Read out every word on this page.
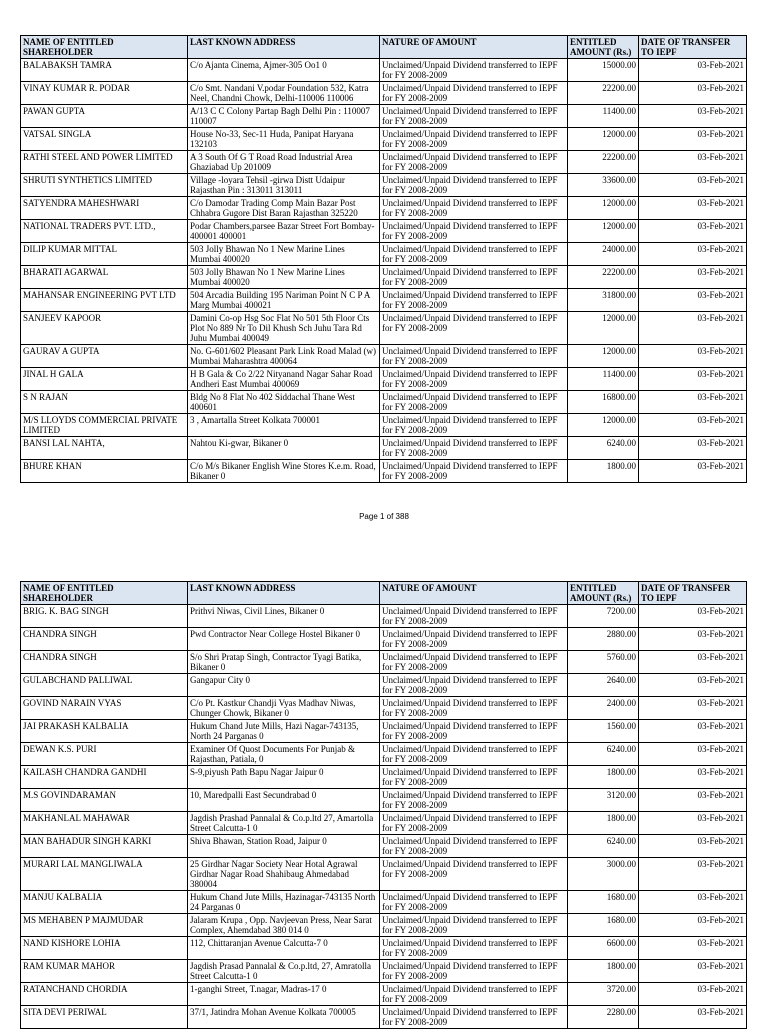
NAME OF ENTITLED SHAREHOLDER	LAST KNOWN ADDRESS	NATURE OF AMOUNT	ENTITLED AMOUNT (Rs.)	DATE OF TRANSFER TO IEPF
BALABAKSH TAMRA	C/o Ajanta Cinema, Ajmer-305 Oo1 0	Unclaimed/Unpaid Dividend transferred to IEPF for FY 2008-2009	15000.00	03-Feb-2021
VINAY KUMAR R. PODAR	C/o Smt. Nandani V.podar Foundation 532, Katra Neel, Chandni Chowk, Delhi-110006 110006	Unclaimed/Unpaid Dividend transferred to IEPF for FY 2008-2009	22200.00	03-Feb-2021
PAWAN GUPTA	A/13 C C Colony Partap Bagh Delhi Pin : 110007 110007	Unclaimed/Unpaid Dividend transferred to IEPF for FY 2008-2009	11400.00	03-Feb-2021
VATSAL SINGLA	House No-33, Sec-11 Huda, Panipat Haryana 132103	Unclaimed/Unpaid Dividend transferred to IEPF for FY 2008-2009	12000.00	03-Feb-2021
RATHI STEEL AND POWER LIMITED	A 3 South Of G T Road Road Industrial Area Ghaziabad Up 201009	Unclaimed/Unpaid Dividend transferred to IEPF for FY 2008-2009	22200.00	03-Feb-2021
SHRUTI SYNTHETICS LIMITED	Village -loyara Tehsil -girwa Distt Udaipur Rajasthan Pin : 313011 313011	Unclaimed/Unpaid Dividend transferred to IEPF for FY 2008-2009	33600.00	03-Feb-2021
SATYENDRA MAHESHWARI	C/o Damodar Trading Comp Main Bazar Post Chhabra Gugore Dist Baran Rajasthan 325220	Unclaimed/Unpaid Dividend transferred to IEPF for FY 2008-2009	12000.00	03-Feb-2021
NATIONAL TRADERS PVT. LTD.,	Podar Chambers,parsee Bazar Street Fort Bombay-400001 400001	Unclaimed/Unpaid Dividend transferred to IEPF for FY 2008-2009	12000.00	03-Feb-2021
DILIP KUMAR MITTAL	503 Jolly Bhawan No 1 New Marine Lines Mumbai 400020	Unclaimed/Unpaid Dividend transferred to IEPF for FY 2008-2009	24000.00	03-Feb-2021
BHARATI AGARWAL	503 Jolly Bhawan No 1 New Marine Lines Mumbai 400020	Unclaimed/Unpaid Dividend transferred to IEPF for FY 2008-2009	22200.00	03-Feb-2021
MAHANSAR ENGINEERING PVT LTD	504 Arcadia Building 195 Nariman Point N C P A Marg Mumbai 400021	Unclaimed/Unpaid Dividend transferred to IEPF for FY 2008-2009	31800.00	03-Feb-2021
SANJEEV KAPOOR	Damini Co-op Hsg Soc Flat No 501 5th Floor Cts Plot No 889 Nr To Dil Khush Sch Juhu Tara Rd Juhu Mumbai 400049	Unclaimed/Unpaid Dividend transferred to IEPF for FY 2008-2009	12000.00	03-Feb-2021
GAURAV A GUPTA	No. G-601/602 Pleasant Park Link Road Malad (w) Mumbai Maharashtra 400064	Unclaimed/Unpaid Dividend transferred to IEPF for FY 2008-2009	12000.00	03-Feb-2021
JINAL H GALA	H B Gala & Co 2/22 Nityanand Nagar Sahar Road Andheri East Mumbai 400069	Unclaimed/Unpaid Dividend transferred to IEPF for FY 2008-2009	11400.00	03-Feb-2021
S N RAJAN	Bldg No 8 Flat No 402 Siddachal Thane West 400601	Unclaimed/Unpaid Dividend transferred to IEPF for FY 2008-2009	16800.00	03-Feb-2021
M/S LLOYDS COMMERCIAL PRIVATE LIMITED	3 , Amartalla Street Kolkata 700001	Unclaimed/Unpaid Dividend transferred to IEPF for FY 2008-2009	12000.00	03-Feb-2021
BANSI LAL NAHTA,	Nahtou Ki-gwar, Bikaner 0	Unclaimed/Unpaid Dividend transferred to IEPF for FY 2008-2009	6240.00	03-Feb-2021
BHURE KHAN	C/o M/s Bikaner English Wine Stores K.e.m. Road, Bikaner 0	Unclaimed/Unpaid Dividend transferred to IEPF for FY 2008-2009	1800.00	03-Feb-2021
Page 1 of 388
NAME OF ENTITLED SHAREHOLDER	LAST KNOWN ADDRESS	NATURE OF AMOUNT	ENTITLED AMOUNT (Rs.)	DATE OF TRANSFER TO IEPF
BRIG. K. BAG SINGH	Prithvi Niwas, Civil Lines, Bikaner 0	Unclaimed/Unpaid Dividend transferred to IEPF for FY 2008-2009	7200.00	03-Feb-2021
CHANDRA SINGH	Pwd Contractor Near College Hostel Bikaner 0	Unclaimed/Unpaid Dividend transferred to IEPF for FY 2008-2009	2880.00	03-Feb-2021
CHANDRA SINGH	S/o Shri Pratap Singh, Contractor Tyagi Batika, Bikaner 0	Unclaimed/Unpaid Dividend transferred to IEPF for FY 2008-2009	5760.00	03-Feb-2021
GULABCHAND PALLIWAL	Gangapur City 0	Unclaimed/Unpaid Dividend transferred to IEPF for FY 2008-2009	2640.00	03-Feb-2021
GOVIND NARAIN VYAS	C/o Pt. Kastkur Chandji Vyas Madhav Niwas, Chunger Chowk, Bikaner 0	Unclaimed/Unpaid Dividend transferred to IEPF for FY 2008-2009	2400.00	03-Feb-2021
JAI PRAKASH KALBALIA	Hukum Chand Jute Mills, Hazi Nagar-743135, North 24 Parganas 0	Unclaimed/Unpaid Dividend transferred to IEPF for FY 2008-2009	1560.00	03-Feb-2021
DEWAN K.S. PURI	Examiner Of Quost Documents For Punjab & Rajasthan, Patiala, 0	Unclaimed/Unpaid Dividend transferred to IEPF for FY 2008-2009	6240.00	03-Feb-2021
KAILASH CHANDRA GANDHI	S-9,piyush Path Bapu Nagar Jaipur 0	Unclaimed/Unpaid Dividend transferred to IEPF for FY 2008-2009	1800.00	03-Feb-2021
M.S GOVINDARAMAN	10, Maredpalli East Secundrabad 0	Unclaimed/Unpaid Dividend transferred to IEPF for FY 2008-2009	3120.00	03-Feb-2021
MAKHANLAL MAHAWAR	Jagdish Prashad Pannalal & Co.p.ltd 27, Amartolla Street Calcutta-1 0	Unclaimed/Unpaid Dividend transferred to IEPF for FY 2008-2009	1800.00	03-Feb-2021
MAN BAHADUR SINGH KARKI	Shiva Bhawan, Station Road, Jaipur 0	Unclaimed/Unpaid Dividend transferred to IEPF for FY 2008-2009	6240.00	03-Feb-2021
MURARI LAL MANGLIWALA	25 Girdhar Nagar Society Near Hotal Agrawal Girdhar Nagar Road Shahibaug Ahmedabad 380004	Unclaimed/Unpaid Dividend transferred to IEPF for FY 2008-2009	3000.00	03-Feb-2021
MANJU KALBALIA	Hukum Chand Jute Mills, Hazinagar-743135 North 24 Parganas 0	Unclaimed/Unpaid Dividend transferred to IEPF for FY 2008-2009	1680.00	03-Feb-2021
MS MEHABEN P MAJMUDAR	Jalaram Krupa , Opp. Navjeevan Press, Near Sarat Complex, Ahemdabad 380 014 0	Unclaimed/Unpaid Dividend transferred to IEPF for FY 2008-2009	1680.00	03-Feb-2021
NAND KISHORE LOHIA	112, Chittaranjan Avenue Calcutta-7 0	Unclaimed/Unpaid Dividend transferred to IEPF for FY 2008-2009	6600.00	03-Feb-2021
RAM KUMAR MAHOR	Jagdish Prasad Pannalal & Co.p.ltd, 27, Amratolla Street Calcutta-1 0	Unclaimed/Unpaid Dividend transferred to IEPF for FY 2008-2009	1800.00	03-Feb-2021
RATANCHAND CHORDIA	1-ganghi Street, T.nagar, Madras-17 0	Unclaimed/Unpaid Dividend transferred to IEPF for FY 2008-2009	3720.00	03-Feb-2021
SITA DEVI PERIWAL	37/1, Jatindra Mohan Avenue Kolkata 700005	Unclaimed/Unpaid Dividend transferred to IEPF for FY 2008-2009	2280.00	03-Feb-2021
